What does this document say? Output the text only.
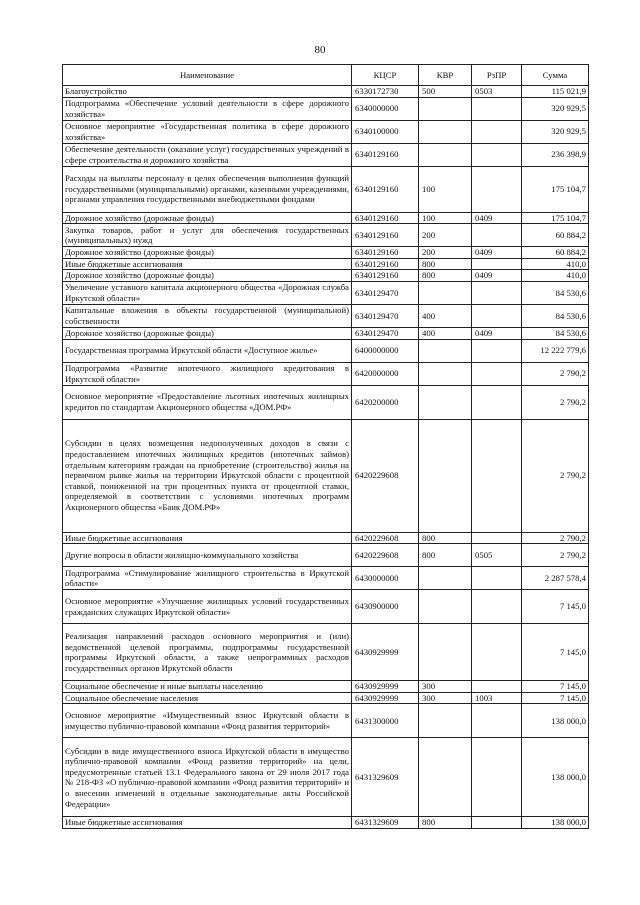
80
Наименование	КЦСР	КВР	РзПР	Сумма
Благоустройство	6330172730	500	0503	115 021,9
Подпрограмма «Обеспечение условий деятельности в сфере дорожного хозяйства»	6340000000			320 929,5
Основное мероприятие «Государственная политика в сфере дорожного хозяйства»	6340100000			320 929,5
Обеспечение деятельности (оказание услуг) государственных учреждений в сфере строительства и дорожного хозяйства	6340129160			236 398,9
Расходы на выплаты персоналу в целях обеспечения выполнения функций государственными (муниципальными) органами, казенными учреждениями, органами управления государственными внебюджетными фондами	6340129160	100		175 104,7
Дорожное хозяйство (дорожные фонды)	6340129160	100	0409	175 104,7
Закупка товаров, работ и услуг для обеспечения государственных (муниципальных) нужд	6340129160	200		60 884,2
Дорожное хозяйство (дорожные фонды)	6340129160	200	0409	60 884,2
Иные бюджетные ассигнования	6340129160	800		410,0
Дорожное хозяйство (дорожные фонды)	6340129160	800	0409	410,0
Увеличение уставного капитала акционерного общества «Дорожная служба Иркутской области»	6340129470			84 530,6
Капитальные вложения в объекты государственной (муниципальной) собственности	6340129470	400		84 530,6
Дорожное хозяйство (дорожные фонды)	6340129470	400	0409	84 530,6
Государственная программа Иркутской области «Доступное жилье»	6400000000			12 222 779,6
Подпрограмма «Развитие ипотечного жилищного кредитования в Иркутской области»	6420000000			2 790,2
Основное мероприятие «Предоставление льготных ипотечных жилищных кредитов по стандартам Акционерного общества «ДОМ.РФ»	6420200000			2 790,2
Субсидии в целях возмещения недополученных доходов в связи с предоставлением ипотечных жилищных кредитов (ипотечных займов) отдельным категориям граждан на приобретение (строительство) жилья на первичном рынке жилья на территории Иркутской области с процентной ставкой, пониженной на три процентных пункта от процентной ставки, определяемой в соответствии с условиями ипотечных программ Акционерного общества «Банк ДОМ.РФ»	6420229608			2 790,2
Иные бюджетные ассигнования	6420229608	800		2 790,2
Другие вопросы в области жилищно-коммунального хозяйства	6420229608	800	0505	2 790,2
Подпрограмма «Стимулирование жилищного строительства в Иркутской области»	6430000000			2 287 578,4
Основное мероприятие «Улучшение жилищных условий государственных гражданских служащих Иркутской области»	6430900000			7 145,0
Реализация направлений расходов основного мероприятия и (или) ведомственной целевой программы, подпрограммы государственной программы Иркутской области, а также непрограммных расходов государственных органов Иркутской области	6430929999			7 145,0
Социальное обеспечение и иные выплаты населению	6430929999	300		7 145,0
Социальное обеспечение населения	6430929999	300	1003	7 145,0
Основное мероприятие «Имущественный взнос Иркутской области в имущество публично-правовой компании «Фонд развития территорий»	6431300000			138 000,0
Субсидии в виде имущественного взноса Иркутской области в имущество публично-правовой компании «Фонд развития территорий» на цели, предусмотренные статьей 13.1 Федерального закона от 29 июля 2017 года № 218-ФЗ «О публично-правовой компании «Фонд развития территорий» и о внесении изменений в отдельные законодательные акты Российской Федерации»	6431329609			138 000,0
Иные бюджетные ассигнования	6431329609	800		138 000,0
